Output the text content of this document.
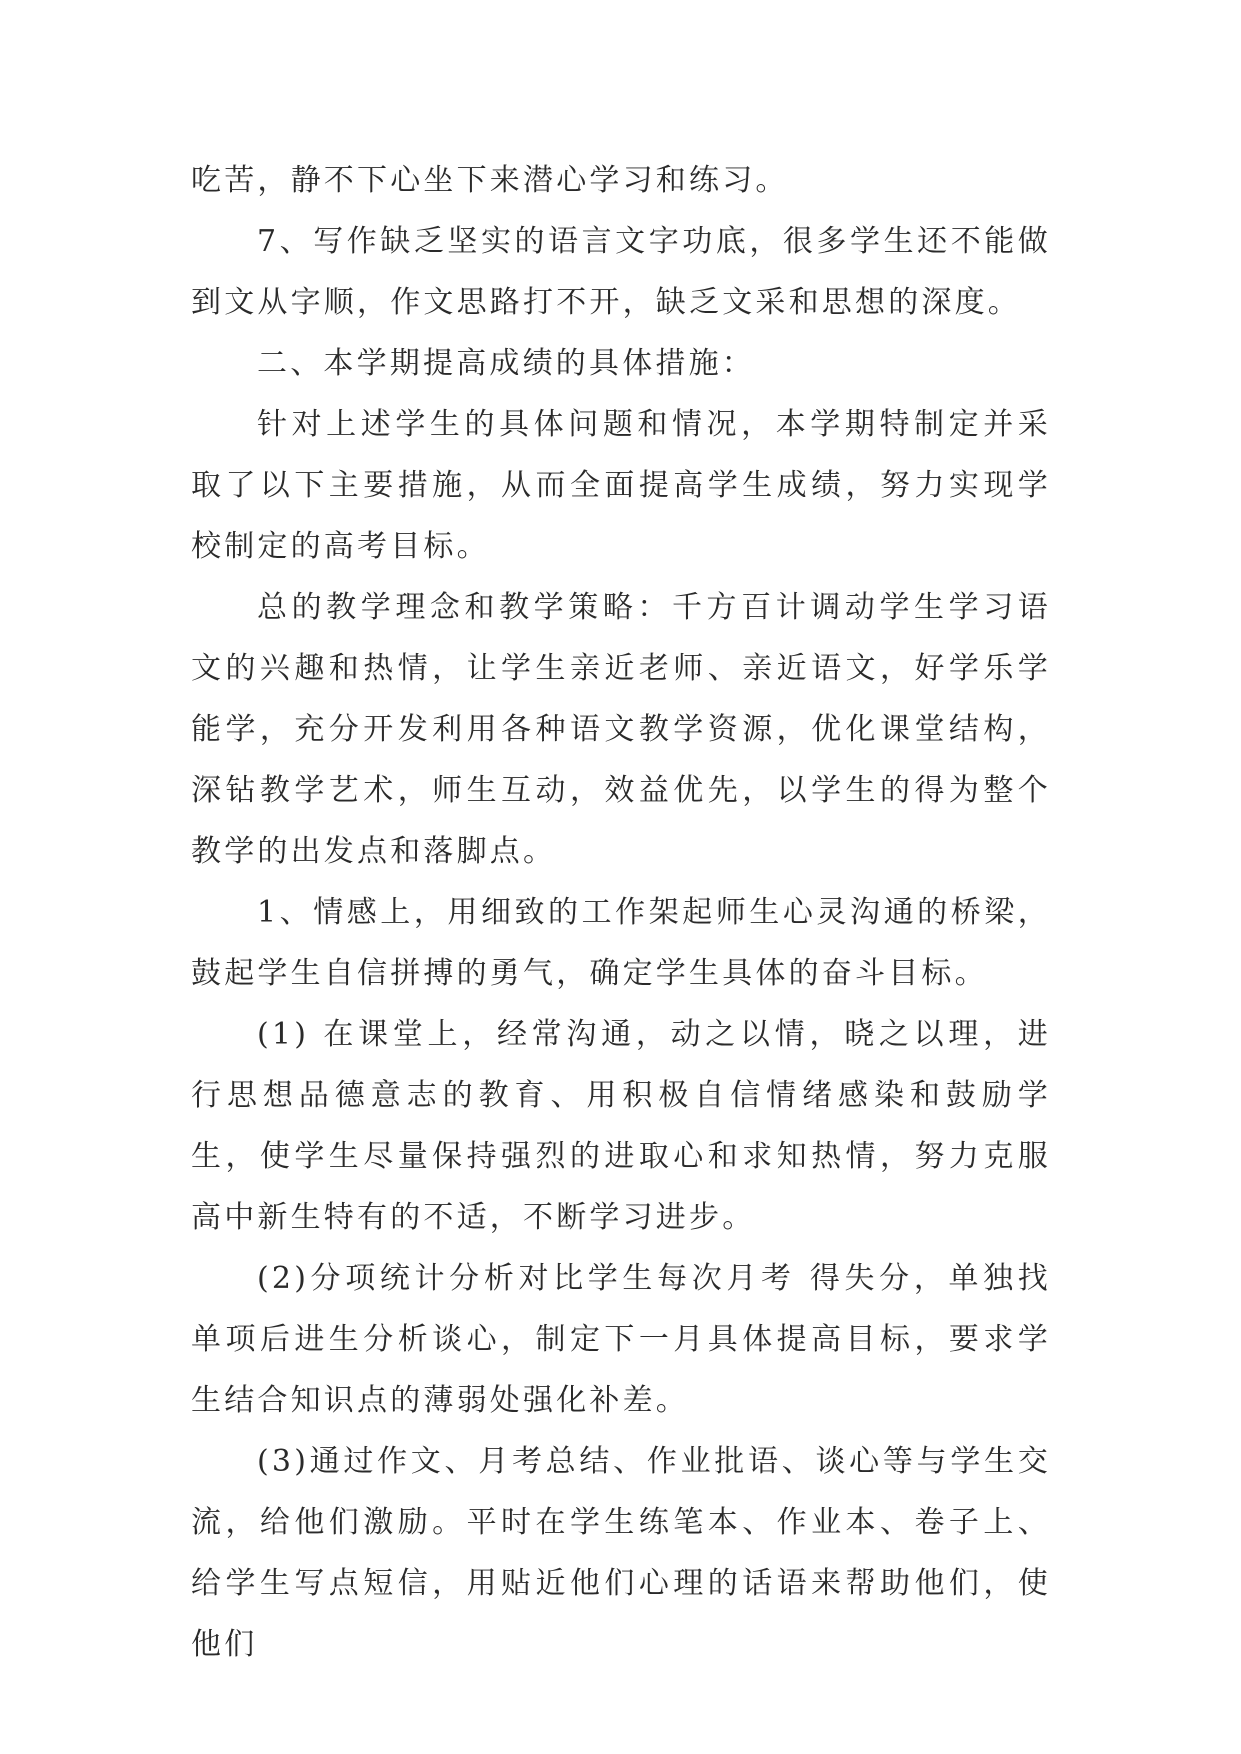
吃苦，静不下心坐下来潜心学习和练习。

7、写作缺乏坚实的语言文字功底，很多学生还不能做到文从字顺，作文思路打不开，缺乏文采和思想的深度。

二、本学期提高成绩的具体措施：

针对上述学生的具体问题和情况，本学期特制定并采取了以下主要措施，从而全面提高学生成绩，努力实现学校制定的高考目标。

总的教学理念和教学策略：千方百计调动学生学习语文的兴趣和热情，让学生亲近老师、亲近语文，好学乐学能学，充分开发利用各种语文教学资源，优化课堂结构，深钻教学艺术，师生互动，效益优先，以学生的得为整个教学的出发点和落脚点。

1、情感上，用细致的工作架起师生心灵沟通的桥梁，鼓起学生自信拼搏的勇气，确定学生具体的奋斗目标。

(1) 在课堂上，经常沟通，动之以情，晓之以理，进行思想品德意志的教育、用积极自信情绪感染和鼓励学生，使学生尽量保持强烈的进取心和求知热情，努力克服高中新生特有的不适，不断学习进步。

(2)分项统计分析对比学生每次月考 得失分，单独找单项后进生分析谈心，制定下一月具体提高目标，要求学生结合知识点的薄弱处强化补差。

(3)通过作文、月考总结、作业批语、谈心等与学生交流，给他们激励。平时在学生练笔本、作业本、卷子上、给学生写点短信，用贴近他们心理的话语来帮助他们，使他们
